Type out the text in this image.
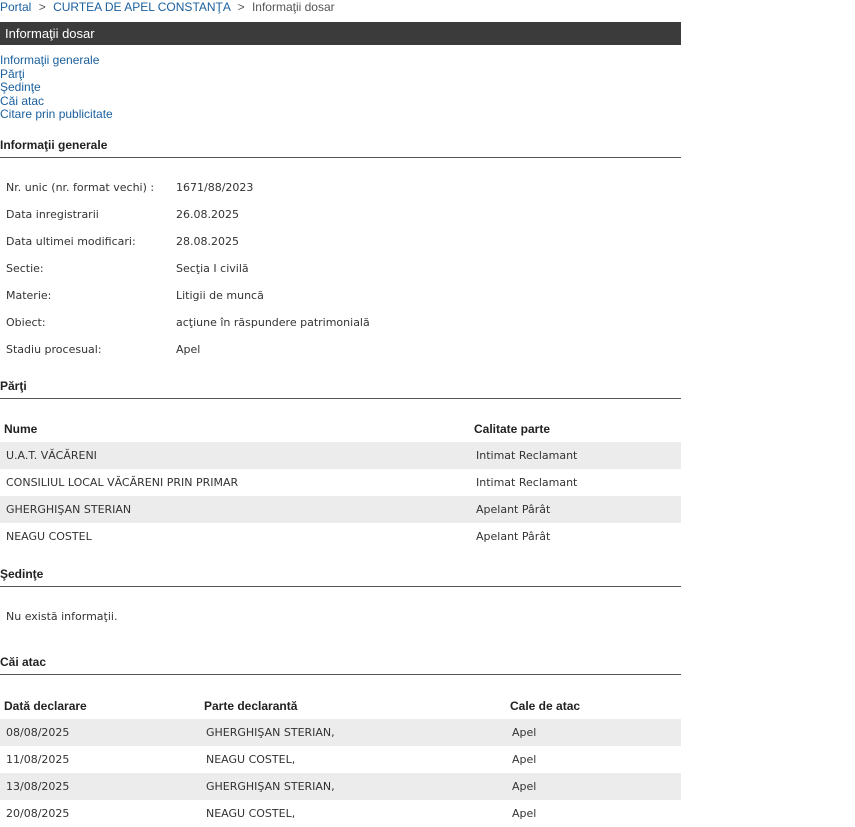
Portal > CURTEA DE APEL CONSTANŢA > Informaţii dosar
Informaţii dosar
Informaţii generale
Părţi
Şedinţe
Căi atac
Citare prin publicitate
Informaţii generale
Nr. unic (nr. format vechi) : 1671/88/2023
Data inregistrarii	26.08.2025
Data ultimei modificari:	28.08.2025
Sectie:	Secţia I civilă
Materie:	Litigii de muncă
Obiect:	acţiune în răspundere patrimonială
Stadiu procesual:	Apel
Părţi
Nume	Calitate parte
U.A.T. VĂCĂRENI	Intimat Reclamant
CONSILIUL LOCAL VĂCĂRENI PRIN PRIMAR	Intimat Reclamant
GHERGHIŞAN STERIAN	Apelant Pârât
NEAGU COSTEL	Apelant Pârât
Şedinţe
Nu există informaţii.
Căi atac
Dată declarare	Parte declarantă	Cale de atac
08/08/2025	GHERGHIŞAN STERIAN,	Apel
11/08/2025	NEAGU COSTEL,	Apel
13/08/2025	GHERGHIŞAN STERIAN,	Apel
20/08/2025	NEAGU COSTEL,	Apel
